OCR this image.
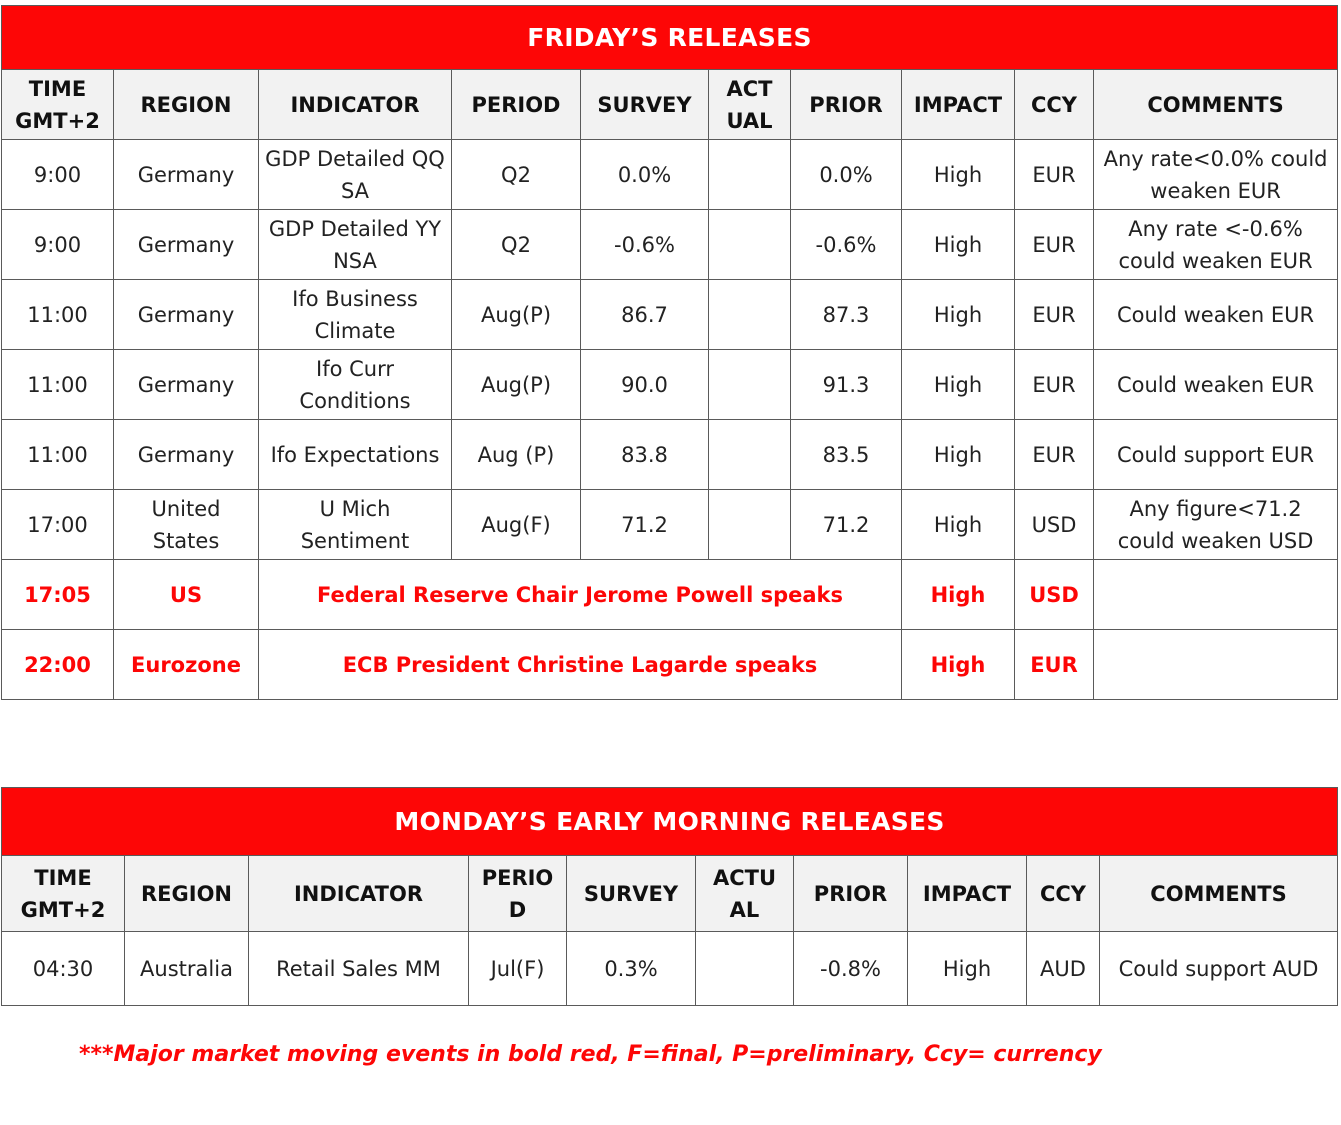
FRIDAY’S RELEASES									
TIME GMT+2	REGION	INDICATOR	PERIOD	SURVEY	ACT UAL	PRIOR	IMPACT	CCY	COMMENTS
9:00	Germany	GDP Detailed QQ SA	Q2	0.0%		0.0%	High	EUR	Any rate<0.0% could weaken EUR
9:00	Germany	GDP Detailed YY NSA	Q2	-0.6%		-0.6%	High	EUR	Any rate <-0.6% could weaken EUR
11:00	Germany	Ifo Business Climate	Aug(P)	86.7		87.3	High	EUR	Could weaken EUR
11:00	Germany	Ifo Curr Conditions	Aug(P)	90.0		91.3	High	EUR	Could weaken EUR
11:00	Germany	Ifo Expectations	Aug (P)	83.8		83.5	High	EUR	Could support EUR
17:00	United States	U Mich Sentiment	Aug(F)	71.2		71.2	High	USD	Any figure<71.2 could weaken USD
17:05	US	Federal Reserve Chair Jerome Powell speaks					High	USD	
22:00	Eurozone	ECB President Christine Lagarde speaks					High	EUR	
MONDAY’S EARLY MORNING RELEASES									
TIME GMT+2	REGION	INDICATOR	PERIO D	SURVEY	ACTU AL	PRIOR	IMPACT	CCY	COMMENTS
04:30	Australia	Retail Sales MM	Jul(F)	0.3%		-0.8%	High	AUD	Could support AUD
***Major market moving events in bold red, F=final, P=preliminary, Ccy= currency
